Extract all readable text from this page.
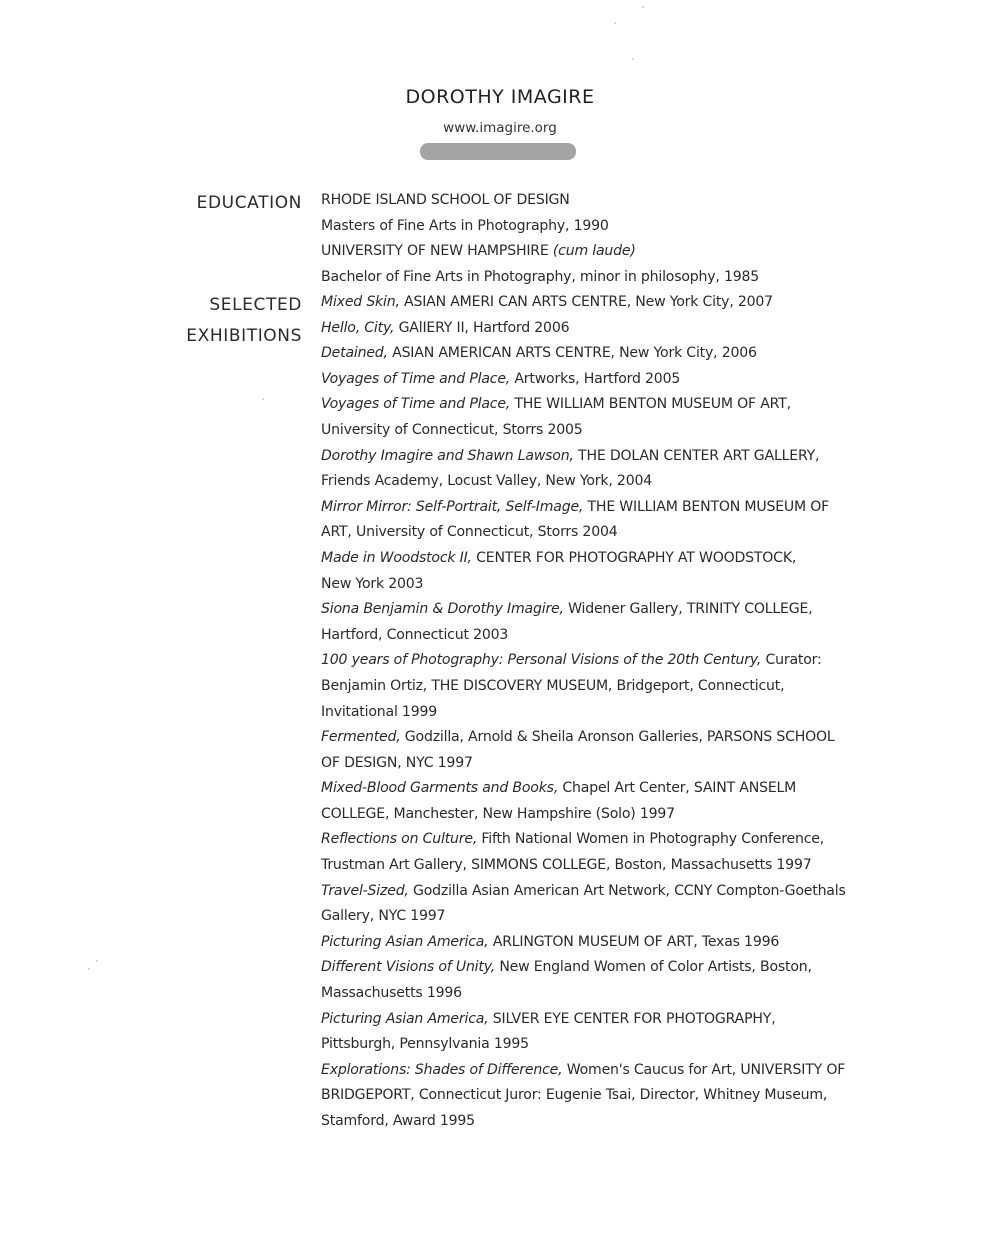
DOROTHY IMAGIRE
www.imagire.org
EDUCATION
SELECTED
EXHIBITIONS
RHODE ISLAND SCHOOL OF DESIGN
Masters of Fine Arts in Photography, 1990
UNIVERSITY OF NEW HAMPSHIRE (cum laude)
Bachelor of Fine Arts in Photography, minor in philosophy, 1985
Mixed Skin, ASIAN AMERI CAN ARTS CENTRE, New York City, 2007
Hello, City, GAlIERY II, Hartford 2006
Detained, ASIAN AMERICAN ARTS CENTRE, New York City, 2006
Voyages of Time and Place, Artworks, Hartford 2005
Voyages of Time and Place, THE WILLIAM BENTON MUSEUM OF ART,
University of Connecticut, Storrs 2005
Dorothy Imagire and Shawn Lawson, THE DOLAN CENTER ART GALLERY,
Friends Academy, Locust Valley, New York, 2004
Mirror Mirror: Self-Portrait, Self-Image, THE WILLIAM BENTON MUSEUM OF
ART, University of Connecticut, Storrs 2004
Made in Woodstock II, CENTER FOR PHOTOGRAPHY AT WOODSTOCK,
New York 2003
Siona Benjamin & Dorothy Imagire, Widener Gallery, TRINITY COLLEGE,
Hartford, Connecticut 2003
100 years of Photography: Personal Visions of the 20th Century, Curator:
Benjamin Ortiz, THE DISCOVERY MUSEUM, Bridgeport, Connecticut,
Invitational 1999
Fermented, Godzilla, Arnold & Sheila Aronson Galleries, PARSONS SCHOOL
OF DESIGN, NYC 1997
Mixed-Blood Garments and Books, Chapel Art Center, SAINT ANSELM
COLLEGE, Manchester, New Hampshire (Solo) 1997
Reflections on Culture, Fifth National Women in Photography Conference,
Trustman Art Gallery, SIMMONS COLLEGE, Boston, Massachusetts 1997
Travel-Sized, Godzilla Asian American Art Network, CCNY Compton-Goethals
Gallery, NYC 1997
Picturing Asian America, ARLINGTON MUSEUM OF ART, Texas 1996
Different Visions of Unity, New England Women of Color Artists, Boston,
Massachusetts 1996
Picturing Asian America, SILVER EYE CENTER FOR PHOTOGRAPHY,
Pittsburgh, Pennsylvania 1995
Explorations: Shades of Difference, Women's Caucus for Art, UNIVERSITY OF
BRIDGEPORT, Connecticut Juror: Eugenie Tsai, Director, Whitney Museum,
Stamford, Award 1995
